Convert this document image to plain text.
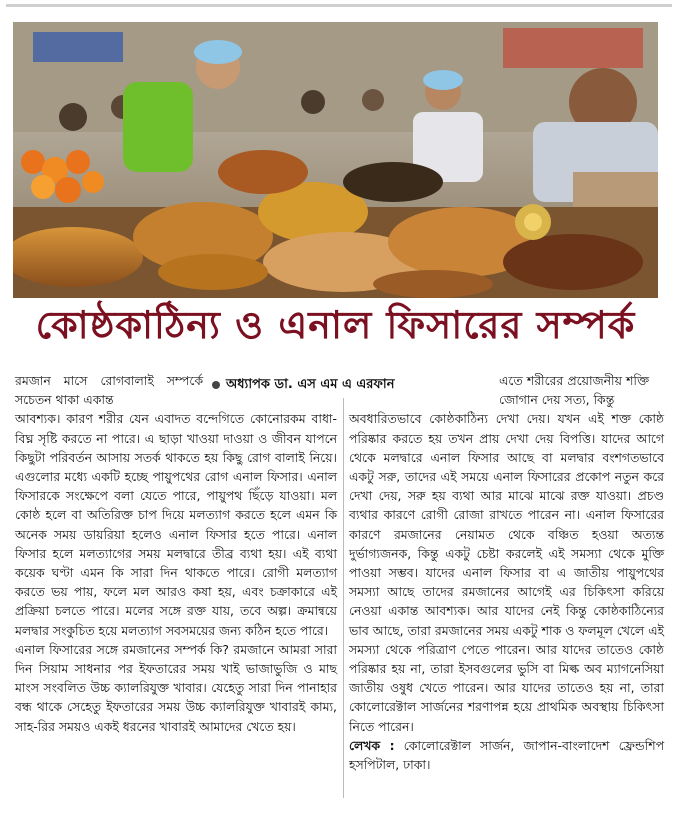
কোষ্ঠকাঠিন্য ও এনাল ফিসারের সম্পর্ক
অধ্যাপক ডা. এস এম এ এরফান

রমজান মাসে রোগবালাই সম্পর্কে সচেতন থাকা একান্ত

আবশ্যক। কারণ শরীর যেন এবাদত বন্দেগিতে কোনোরকম বাধা-বিঘ্ন সৃষ্টি করতে না পারে। এ ছাড়া খাওয়া দাওয়া ও জীবন যাপনে কিছুটা পরিবর্তন আসায় সতর্ক থাকতে হয় কিছু রোগ বালাই নিয়ে। এগুলোর মধ্যে একটি হচ্ছে পায়ুপথের রোগ এনাল ফিসার। এনাল ফিসারকে সংক্ষেপে বলা যেতে পারে, পায়ুপথ ছিঁড়ে যাওয়া। মল কোষ্ঠ হলে বা অতিরিক্ত চাপ দিয়ে মলত্যাগ করতে হলে এমন কি অনেক সময় ডায়রিয়া হলেও এনাল ফিসার হতে পারে। এনাল ফিসার হলে মলত্যাগের সময় মলদ্বারে তীব্র ব্যথা হয়। এই ব্যথা কয়েক ঘণ্টা এমন কি সারা দিন থাকতে পারে। রোগী মলত্যাগ করতে ভয় পায়, ফলে মল আরও কষা হয়, এবং চক্রাকারে এই প্রক্রিয়া চলতে পারে। মলের সঙ্গে রক্ত যায়, তবে অল্প। ক্রমান্বয়ে মলদ্বার সংকুচিত হয়ে মলত্যাগ সবসময়ের জন্য কঠিন হতে পারে।

এনাল ফিসারের সঙ্গে রমজানের সম্পর্ক কি? রমজানে আমরা সারা দিন সিয়াম সাধনার পর ইফতারের সময় খাই ভাজাভুজি ও মাছ মাংস সংবলিত উচ্চ ক্যালরিযুক্ত খাবার। যেহেতু সারা দিন পানাহার বন্ধ থাকে সেহেতু ইফতারের সময় উচ্চ ক্যালরিযুক্ত খাবারই কাম্য, সাহ-রির সময়ও একই ধরনের খাবারই আমাদের খেতে হয়।

এতে শরীরের প্রয়োজনীয় শক্তি জোগান দেয় সত্য, কিন্তু

অবধারিতভাবে কোষ্ঠকাঠিন্য দেখা দেয়। যখন এই শক্ত কোষ্ঠ পরিষ্কার করতে হয় তখন প্রায় দেখা দেয় বিপত্তি। যাদের আগে থেকে মলদ্বারে এনাল ফিসার আছে বা মলদ্বার বংশগতভাবে একটু সরু, তাদের এই সময়ে এনাল ফিসারের প্রকোপ নতুন করে দেখা দেয়, সরু হয় ব্যথা আর মাঝে মাঝে রক্ত যাওয়া। প্রচণ্ড ব্যথার কারণে রোগী রোজা রাখতে পারেন না। এনাল ফিসারের কারণে রমজানের নেয়ামত থেকে বঞ্চিত হওয়া অত্যন্ত দুর্ভাগ্যজনক, কিন্তু একটু চেষ্টা করলেই এই সমস্যা থেকে মুক্তি পাওয়া সম্ভব। যাদের এনাল ফিসার বা এ জাতীয় পায়ুপথের সমস্যা আছে তাদের রমজানের আগেই এর চিকিৎসা করিয়ে নেওয়া একান্ত আবশ্যক। আর যাদের নেই কিন্তু কোষ্ঠকাঠিন্যের ভাব আছে, তারা রমজানের সময় একটু শাক ও ফলমূল খেলে এই সমস্যা থেকে পরিত্রাণ পেতে পারেন। আর যাদের তাতেও কোষ্ঠ পরিষ্কার হয় না, তারা ইসবগুলের ভুসি বা মিল্ক অব ম্যাগনেসিয়া জাতীয় ওষুধ খেতে পারেন। আর যাদের তাতেও হয় না, তারা কোলোরেক্টাল সার্জনের শরণাপন্ন হয়ে প্রাথমিক অবস্থায় চিকিৎসা নিতে পারেন।

লেখক : কোলোরেক্টাল সার্জন, জাপান-বাংলাদেশ ফ্রেন্ডশিপ হসপিটাল, ঢাকা।
